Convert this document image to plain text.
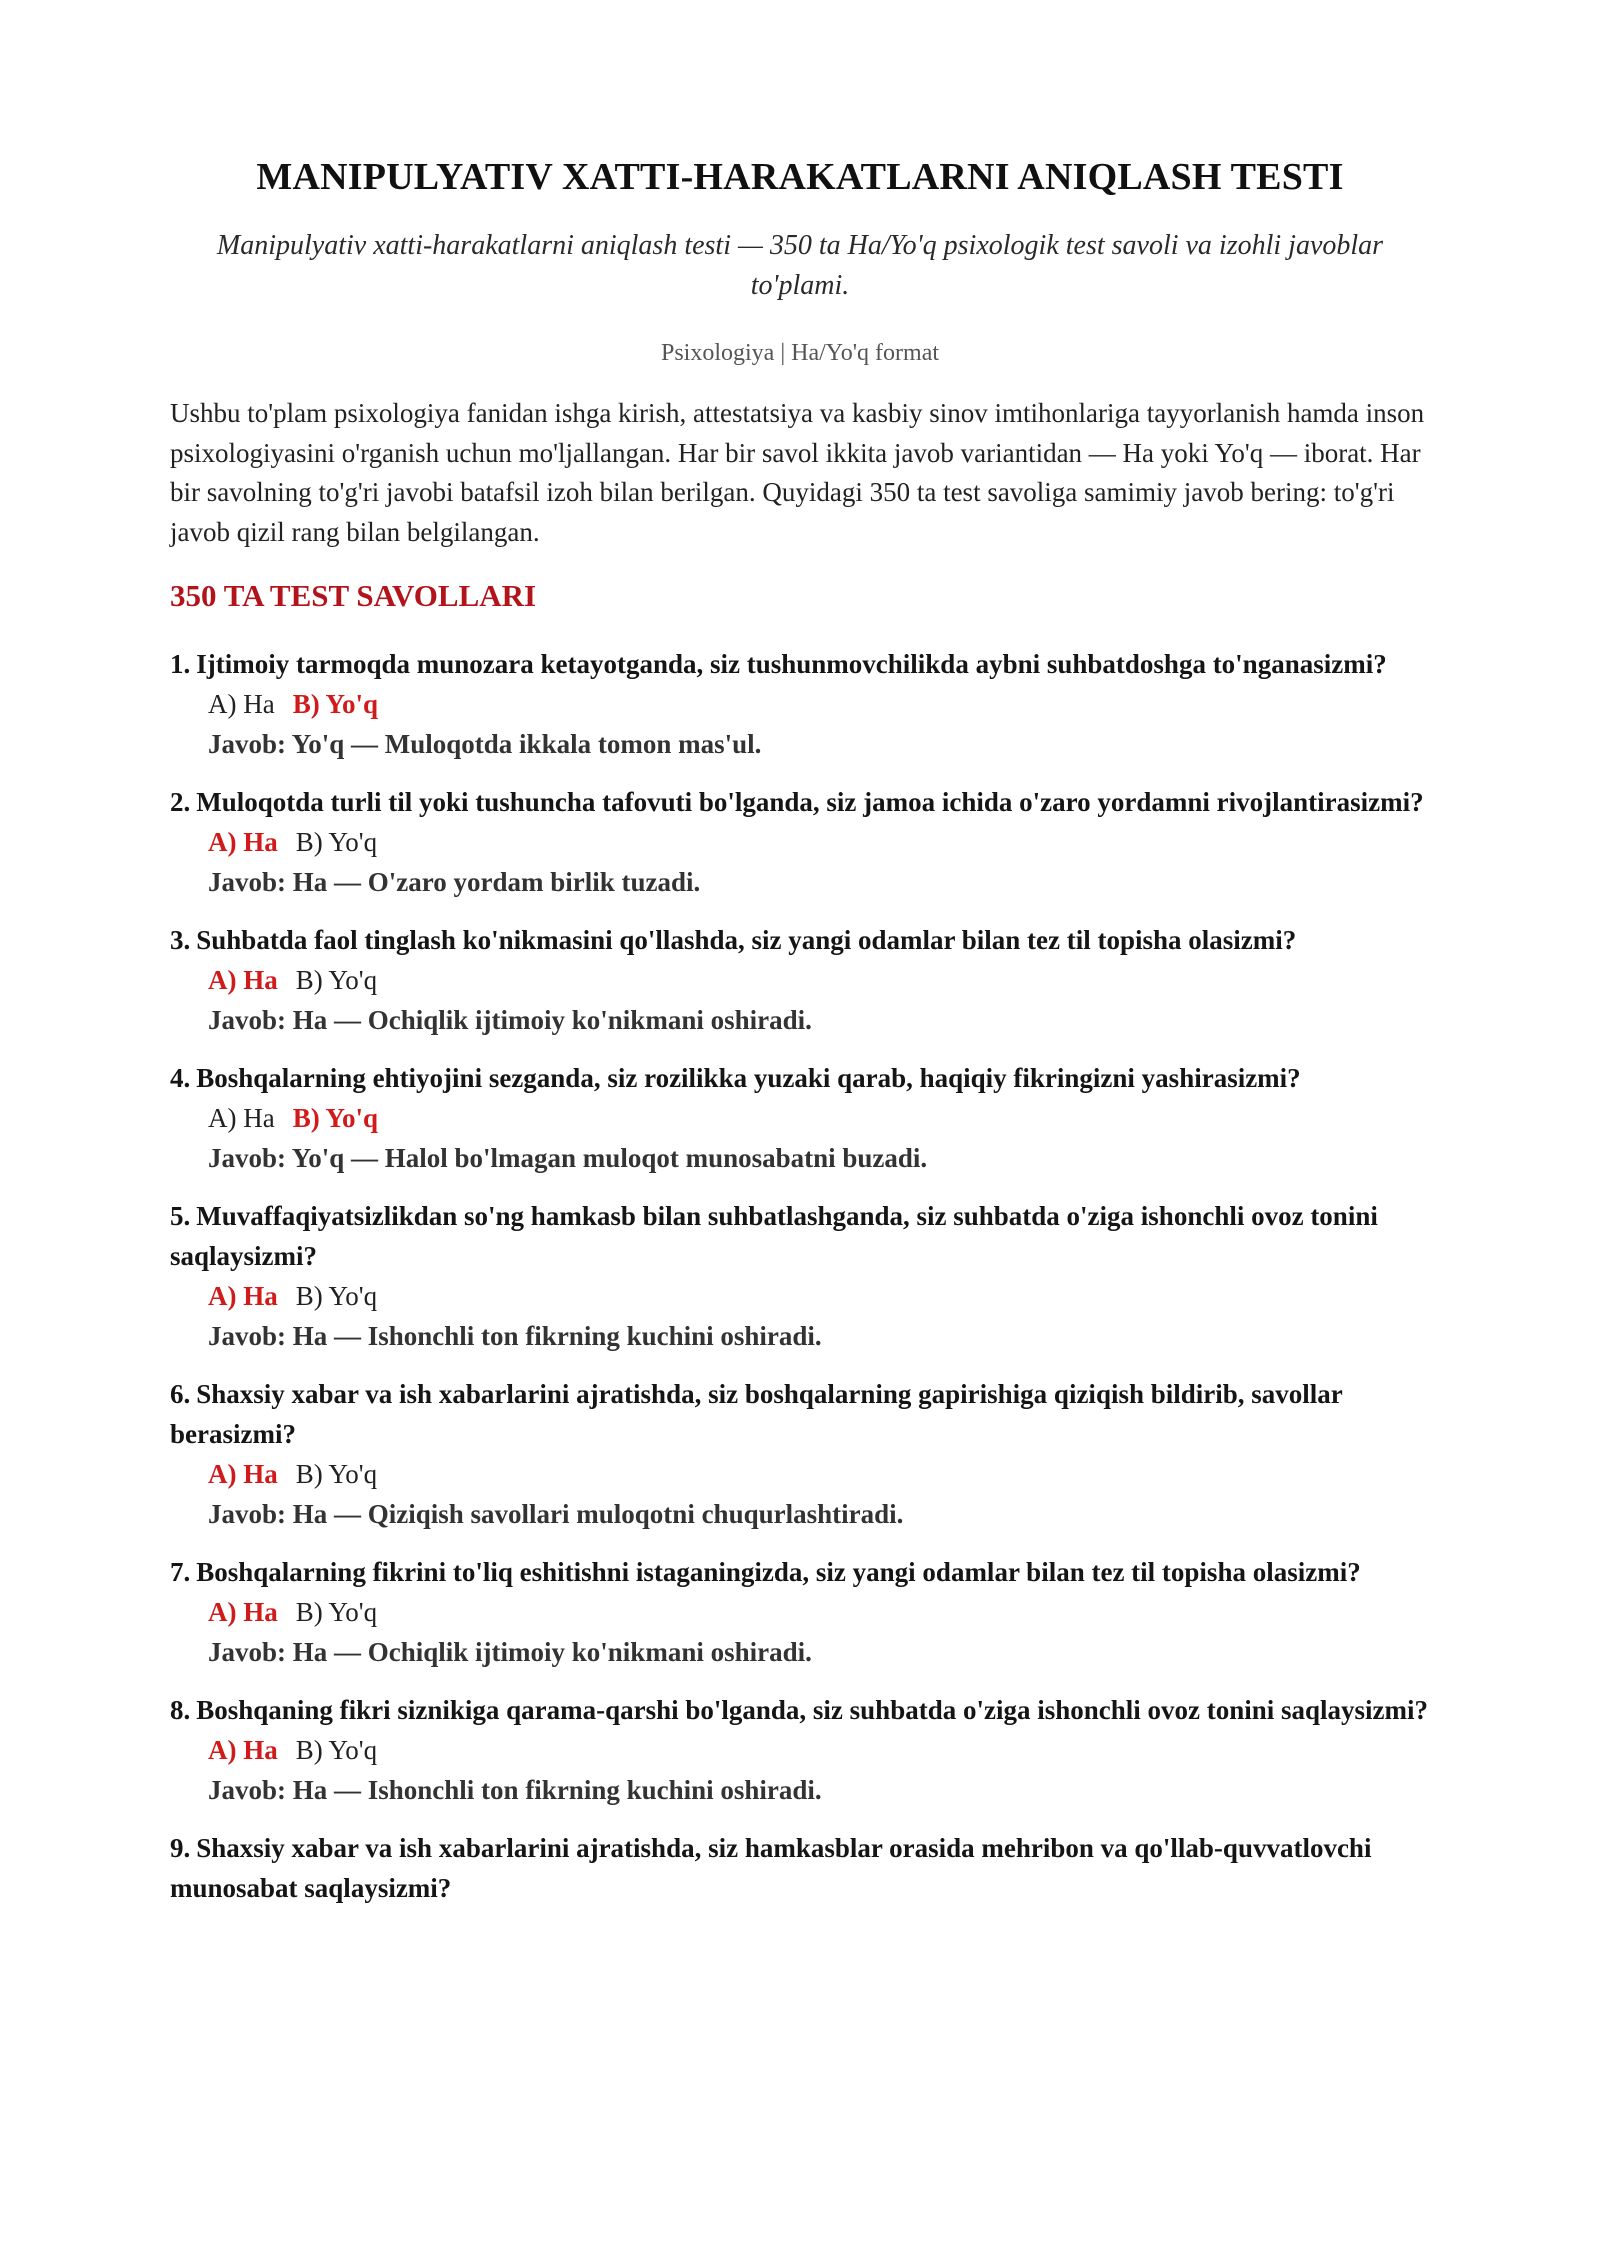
MANIPULYATIV XATTI-HARAKATLARNI ANIQLASH TESTI

Manipulyativ xatti-harakatlarni aniqlash testi — 350 ta Ha/Yo'q psixologik test savoli va izohli javoblar to'plami.

Psixologiya | Ha/Yo'q format

Ushbu to'plam psixologiya fanidan ishga kirish, attestatsiya va kasbiy sinov imtihonlariga tayyorlanish hamda inson psixologiyasini o'rganish uchun mo'ljallangan. Har bir savol ikkita javob variantidan — Ha yoki Yo'q — iborat. Har bir savolning to'g'ri javobi batafsil izoh bilan berilgan. Quyidagi 350 ta test savoliga samimiy javob bering: to'g'ri javob qizil rang bilan belgilangan.

350 TA TEST SAVOLLARI
1. Ijtimoiy tarmoqda munozara ketayotganda, siz tushunmovchilikda aybni suhbatdoshga to'nganasizmi?
A) Ha B) Yo'q
Javob: Yo'q — Muloqotda ikkala tomon mas'ul.
2. Muloqotda turli til yoki tushuncha tafovuti bo'lganda, siz jamoa ichida o'zaro yordamni rivojlantirasizmi?
A) Ha B) Yo'q
Javob: Ha — O'zaro yordam birlik tuzadi.
3. Suhbatda faol tinglash ko'nikmasini qo'llashda, siz yangi odamlar bilan tez til topisha olasizmi?
A) Ha B) Yo'q
Javob: Ha — Ochiqlik ijtimoiy ko'nikmani oshiradi.
4. Boshqalarning ehtiyojini sezganda, siz rozilikka yuzaki qarab, haqiqiy fikringizni yashirasizmi?
A) Ha B) Yo'q
Javob: Yo'q — Halol bo'lmagan muloqot munosabatni buzadi.
5. Muvaffaqiyatsizlikdan so'ng hamkasb bilan suhbatlashganda, siz suhbatda o'ziga ishonchli ovoz tonini saqlaysizmi?
A) Ha B) Yo'q
Javob: Ha — Ishonchli ton fikrning kuchini oshiradi.
6. Shaxsiy xabar va ish xabarlarini ajratishda, siz boshqalarning gapirishiga qiziqish bildirib, savollar berasizmi?
A) Ha B) Yo'q
Javob: Ha — Qiziqish savollari muloqotni chuqurlashtiradi.
7. Boshqalarning fikrini to'liq eshitishni istaganingizda, siz yangi odamlar bilan tez til topisha olasizmi?
A) Ha B) Yo'q
Javob: Ha — Ochiqlik ijtimoiy ko'nikmani oshiradi.
8. Boshqaning fikri siznikiga qarama-qarshi bo'lganda, siz suhbatda o'ziga ishonchli ovoz tonini saqlaysizmi?
A) Ha B) Yo'q
Javob: Ha — Ishonchli ton fikrning kuchini oshiradi.
9. Shaxsiy xabar va ish xabarlarini ajratishda, siz hamkasblar orasida mehribon va qo'llab-quvvatlovchi munosabat saqlaysizmi?
